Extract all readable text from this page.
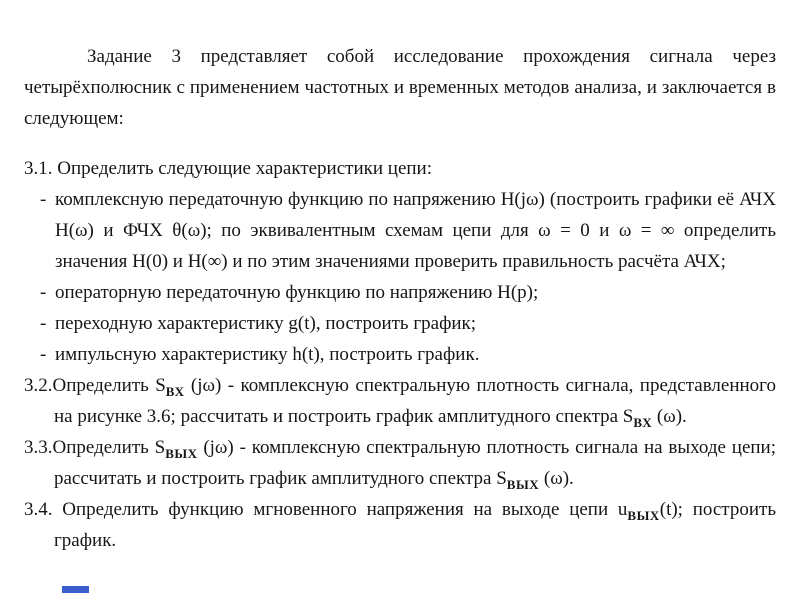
Задание 3 представляет собой исследование прохождения сигнала через четырёхполюсник с применением частотных и временных методов анализа, и заключается в следующем:

3.1. Определить следующие характеристики цепи:
- комплексную передаточную функцию по напряжению H(jω) (построить графики её АЧХ H(ω) и ФЧХ θ(ω); по эквивалентным схемам цепи для ω = 0 и ω = ∞ определить значения H(0) и H(∞) и по этим значениями проверить правильность расчёта АЧХ;
- операторную передаточную функцию по напряжению H(p);
- переходную характеристику g(t), построить график;
- импульсную характеристику h(t), построить график.
3.2.Определить $S_{ВХ}$ (jω) - комплексную спектральную плотность сигнала, представленного на рисунке 3.6; рассчитать и построить график амплитудного спектра $S_{ВХ}$ (ω).
3.3.Определить $S_{ВЫХ}$ (jω) - комплексную спектральную плотность сигнала на выходе цепи; рассчитать и построить график амплитудного спектра $S_{ВЫХ}$ (ω).
3.4. Определить функцию мгновенного напряжения на выходе цепи $u_{ВЫХ}(t)$; построить график.
